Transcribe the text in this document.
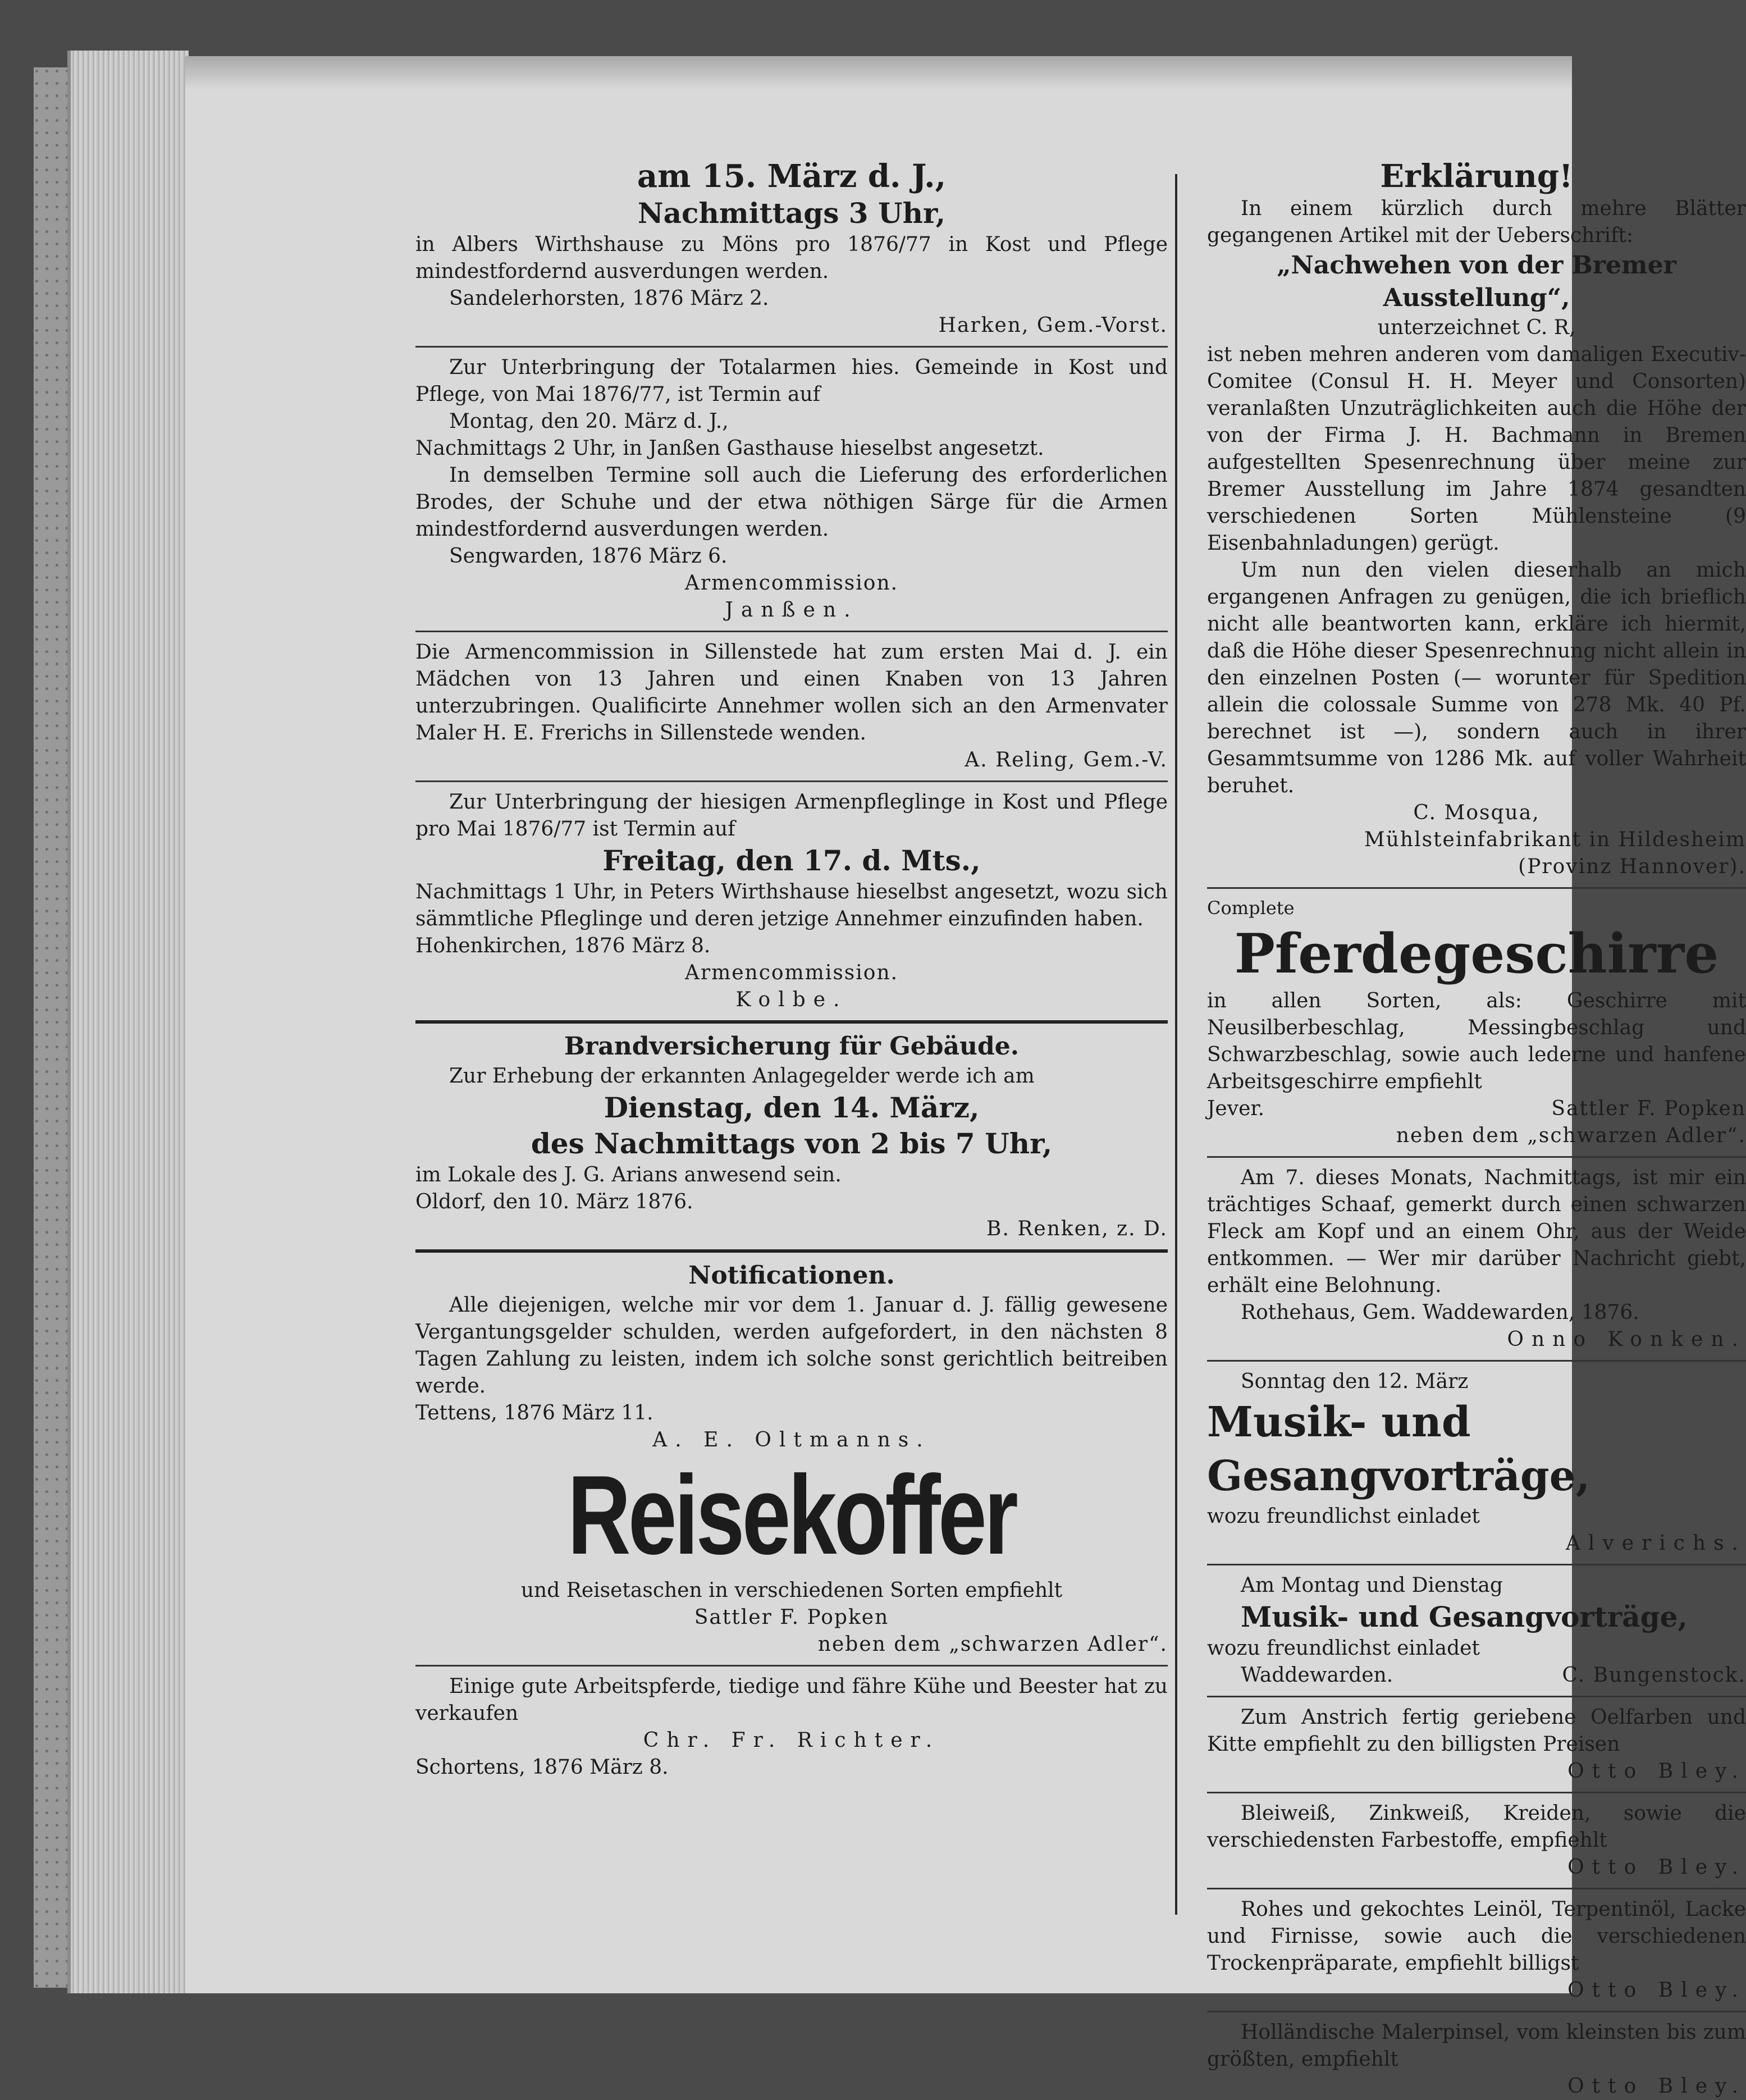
am 15. März d. J.,
Nachmittags 3 Uhr,
in Albers Wirthshause zu Möns pro 1876/77 in Kost und Pflege mindestfordernd ausverdungen werden.
Sandelerhorsten, 1876 März 2.
Harken, Gem.-Vorst.
Zur Unterbringung der Totalarmen hies. Gemeinde in Kost und Pflege, von Mai 1876/77, ist Termin auf
Montag, den 20. März d. J.,
Nachmittags 2 Uhr, in Janßen Gasthause hieselbst angesetzt.
In demselben Termine soll auch die Lieferung des erforderlichen Brodes, der Schuhe und der etwa nöthigen Särge für die Armen mindestfordernd ausverdungen werden.
Sengwarden, 1876 März 6.
Armencommission.
Janßen.
Die Armencommission in Sillenstede hat zum ersten Mai d. J. ein Mädchen von 13 Jahren und einen Knaben von 13 Jahren unterzubringen. Qualificirte Annehmer wollen sich an den Armenvater Maler H. E. Frerichs in Sillenstede wenden.
A. Reling, Gem.-V.
Zur Unterbringung der hiesigen Armenpfleglinge in Kost und Pflege pro Mai 1876/77 ist Termin auf
Freitag, den 17. d. Mts.,
Nachmittags 1 Uhr, in Peters Wirthshause hieselbst angesetzt, wozu sich sämmtliche Pfleglinge und deren jetzige Annehmer einzufinden haben.
Hohenkirchen, 1876 März 8.
Armencommission.
Kolbe.
Brandversicherung für Gebäude.
Zur Erhebung der erkannten Anlagegelder werde ich am
Dienstag, den 14. März,
des Nachmittags von 2 bis 7 Uhr,
im Lokale des J. G. Arians anwesend sein.
Oldorf, den 10. März 1876.
B. Renken, z. D.
Notificationen.
Alle diejenigen, welche mir vor dem 1. Januar d. J. fällig gewesene Vergantungsgelder schulden, werden aufgefordert, in den nächsten 8 Tagen Zahlung zu leisten, indem ich solche sonst gerichtlich beitreiben werde.
Tettens, 1876 März 11.
A. E. Oltmanns.
Reisekoffer
und Reisetaschen in verschiedenen Sorten empfiehlt
Sattler F. Popken
neben dem „schwarzen Adler“.
Einige gute Arbeitspferde, tiedige und fähre Kühe und Beester hat zu verkaufen
Chr. Fr. Richter.
Schortens, 1876 März 8.
Erklärung!
In einem kürzlich durch mehre Blätter gegangenen Artikel mit der Ueberschrift:
„Nachwehen von der Bremer
Ausstellung“,
unterzeichnet C. R,
ist neben mehren anderen vom damaligen Executiv-Comitee (Consul H. H. Meyer und Consorten) veranlaßten Unzuträglichkeiten auch die Höhe der von der Firma J. H. Bachmann in Bremen aufgestellten Spesenrechnung über meine zur Bremer Ausstellung im Jahre 1874 gesandten verschiedenen Sorten Mühlensteine (9 Eisenbahnladungen) gerügt.
Um nun den vielen dieserhalb an mich ergangenen Anfragen zu genügen, die ich brieflich nicht alle beantworten kann, erkläre ich hiermit, daß die Höhe dieser Spesenrechnung nicht allein in den einzelnen Posten (— worunter für Spedition allein die colossale Summe von 278 Mk. 40 Pf. berechnet ist —), sondern auch in ihrer Gesammtsumme von 1286 Mk. auf voller Wahrheit beruhet.
C. Mosqua,
Mühlsteinfabrikant in Hildesheim
(Provinz Hannover).
Complete
Pferdegeschirre
in allen Sorten, als: Geschirre mit Neusilberbeschlag, Messingbeschlag und Schwarzbeschlag, sowie auch lederne und hanfene Arbeitsgeschirre empfiehlt
Jever.	Sattler F. Popken
neben dem „schwarzen Adler“.
Am 7. dieses Monats, Nachmittags, ist mir ein trächtiges Schaaf, gemerkt durch einen schwarzen Fleck am Kopf und an einem Ohr, aus der Weide entkommen. — Wer mir darüber Nachricht giebt, erhält eine Belohnung.
Rothehaus, Gem. Waddewarden, 1876.
Onno Konken.
Sonntag den 12. März
Musik- und Gesangvorträge,
wozu freundlichst einladet
Alverichs.
Am Montag und Dienstag
Musik- und Gesangvorträge,
wozu freundlichst einladet
Waddewarden.	C. Bungenstock.
Zum Anstrich fertig geriebene Oelfarben und Kitte empfiehlt zu den billigsten Preisen
Otto Bley.
Bleiweiß, Zinkweiß, Kreiden, sowie die verschiedensten Farbestoffe, empfiehlt
Otto Bley.
Rohes und gekochtes Leinöl, Terpentinöl, Lacke und Firnisse, sowie auch die verschiedenen Trockenpräparate, empfiehlt billigst
Otto Bley.
Holländische Malerpinsel, vom kleinsten bis zum größten, empfiehlt
Otto Bley.
